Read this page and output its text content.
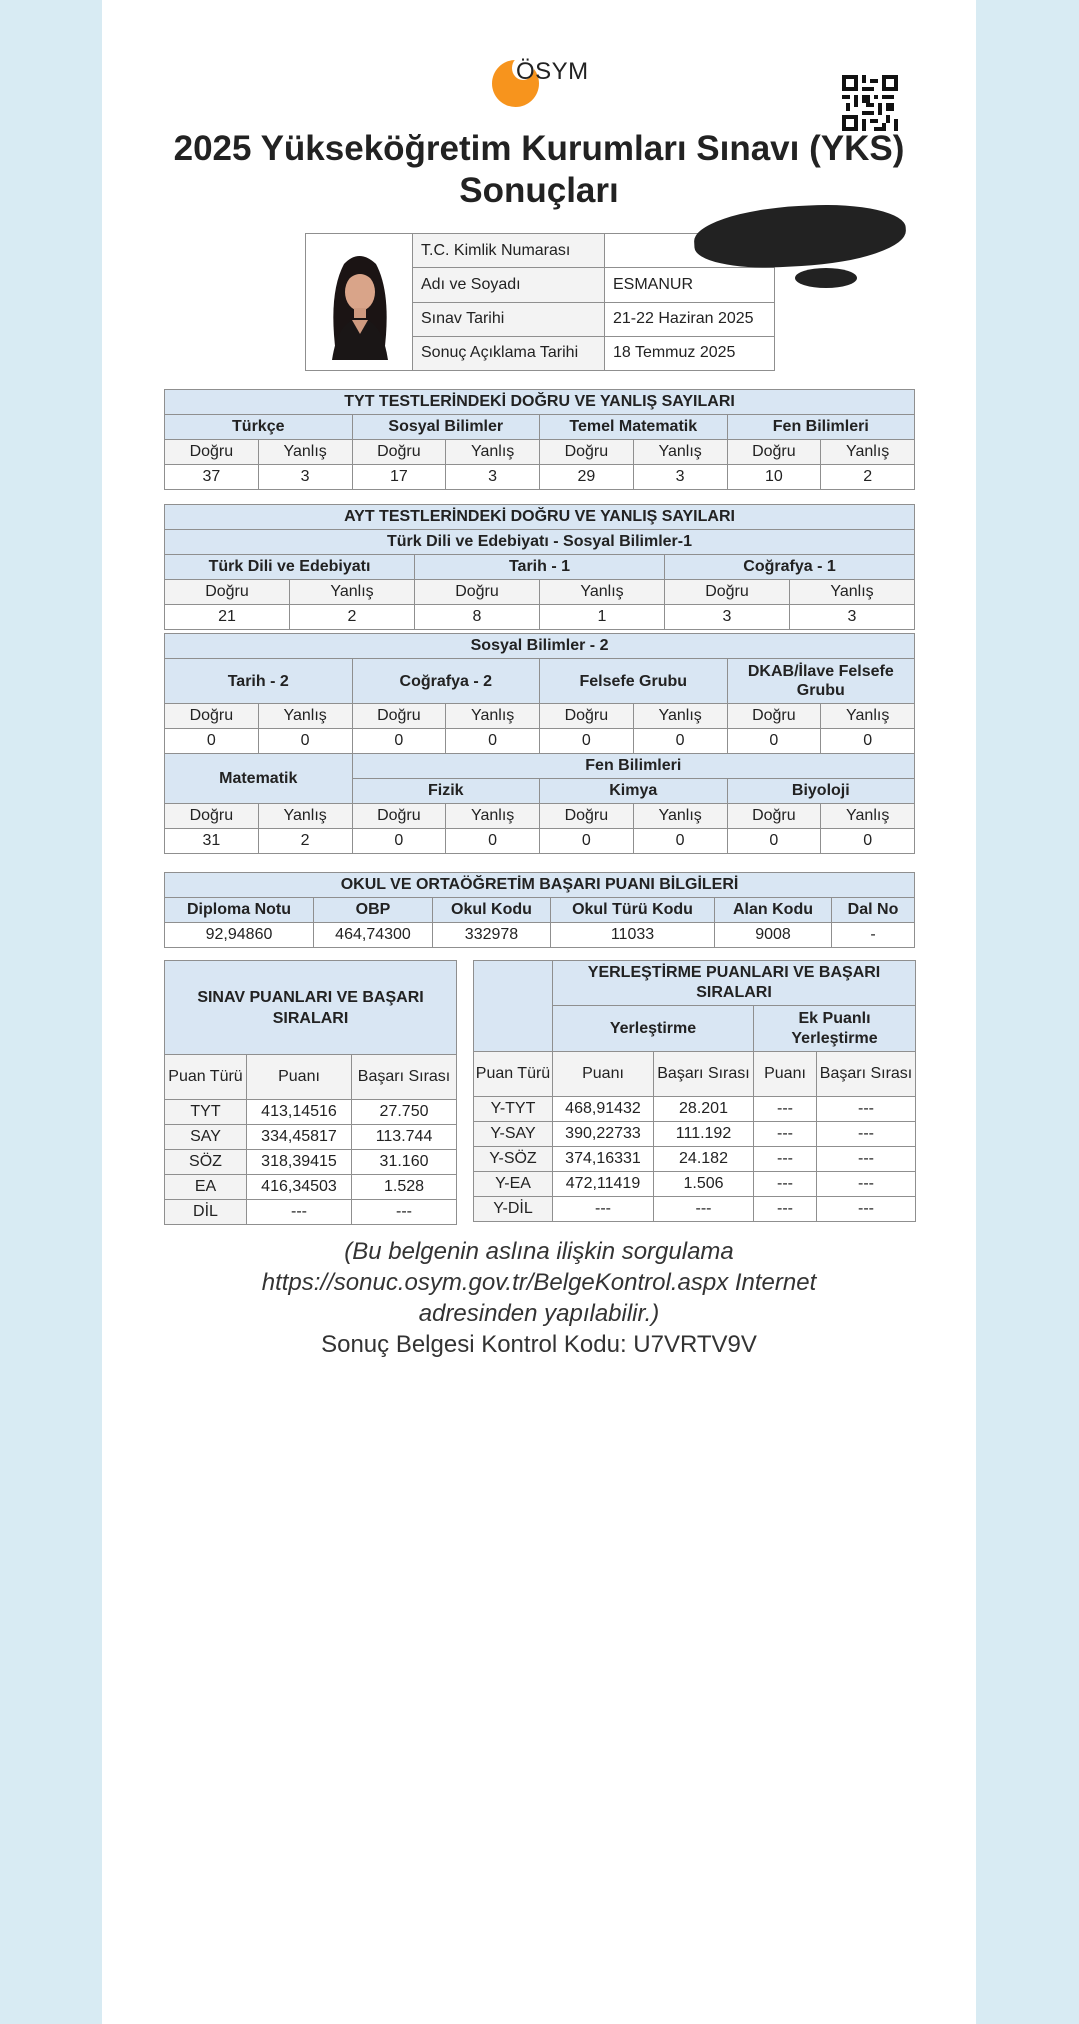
ÖSYM
2025 Yükseköğretim Kurumları Sınavı (YKS) Sonuçları
	T.C. Kimlik Numarası	
	Adı ve Soyadı	ESMANUR
	Sınav Tarihi	21-22 Haziran 2025
	Sonuç Açıklama Tarihi	18 Temmuz 2025
TYT TESTLERİNDEKİ DOĞRU VE YANLIŞ SAYILARI							
Türkçe		Sosyal Bilimler		Temel Matematik		Fen Bilimleri	
Doğru	Yanlış	Doğru	Yanlış	Doğru	Yanlış	Doğru	Yanlış
37	3	17	3	29	3	10	2
AYT TESTLERİNDEKİ DOĞRU VE YANLIŞ SAYILARI					
Türk Dili ve Edebiyatı - Sosyal Bilimler-1					
Türk Dili ve Edebiyatı		Tarih - 1		Coğrafya - 1	
Doğru	Yanlış	Doğru	Yanlış	Doğru	Yanlış
21	2	8	1	3	3
Sosyal Bilimler - 2							
Tarih - 2		Coğrafya - 2		Felsefe Grubu		DKAB/İlave Felsefe Grubu	
Doğru	Yanlış	Doğru	Yanlış	Doğru	Yanlış	Doğru	Yanlış
0	0	0	0	0	0	0	0
Matematik		Fen Bilimleri					
		Fizik		Kimya		Biyoloji	
Doğru	Yanlış	Doğru	Yanlış	Doğru	Yanlış	Doğru	Yanlış
31	2	0	0	0	0	0	0
OKUL VE ORTAÖĞRETİM BAŞARI PUANI BİLGİLERİ					
Diploma Notu	OBP	Okul Kodu	Okul Türü Kodu	Alan Kodu	Dal No
92,94860	464,74300	332978	11033	9008	-
SINAV PUANLARI VE BAŞARI SIRALARI		
Puan Türü	Puanı	Başarı Sırası
TYT	413,14516	27.750
SAY	334,45817	113.744
SÖZ	318,39415	31.160
EA	416,34503	1.528
DİL	---	---
	YERLEŞTİRME PUANLARI VE BAŞARI SIRALARI			
	Yerleştirme		Ek Puanlı Yerleştirme	
Puan Türü	Puanı	Başarı Sırası	Puanı	Başarı Sırası
Y-TYT	468,91432	28.201	---	---
Y-SAY	390,22733	111.192	---	---
Y-SÖZ	374,16331	24.182	---	---
Y-EA	472,11419	1.506	---	---
Y-DİL	---	---	---	---
(Bu belgenin aslına ilişkin sorgulama
https://sonuc.osym.gov.tr/BelgeKontrol.aspx Internet
adresinden yapılabilir.)
Sonuç Belgesi Kontrol Kodu: U7VRTV9V
